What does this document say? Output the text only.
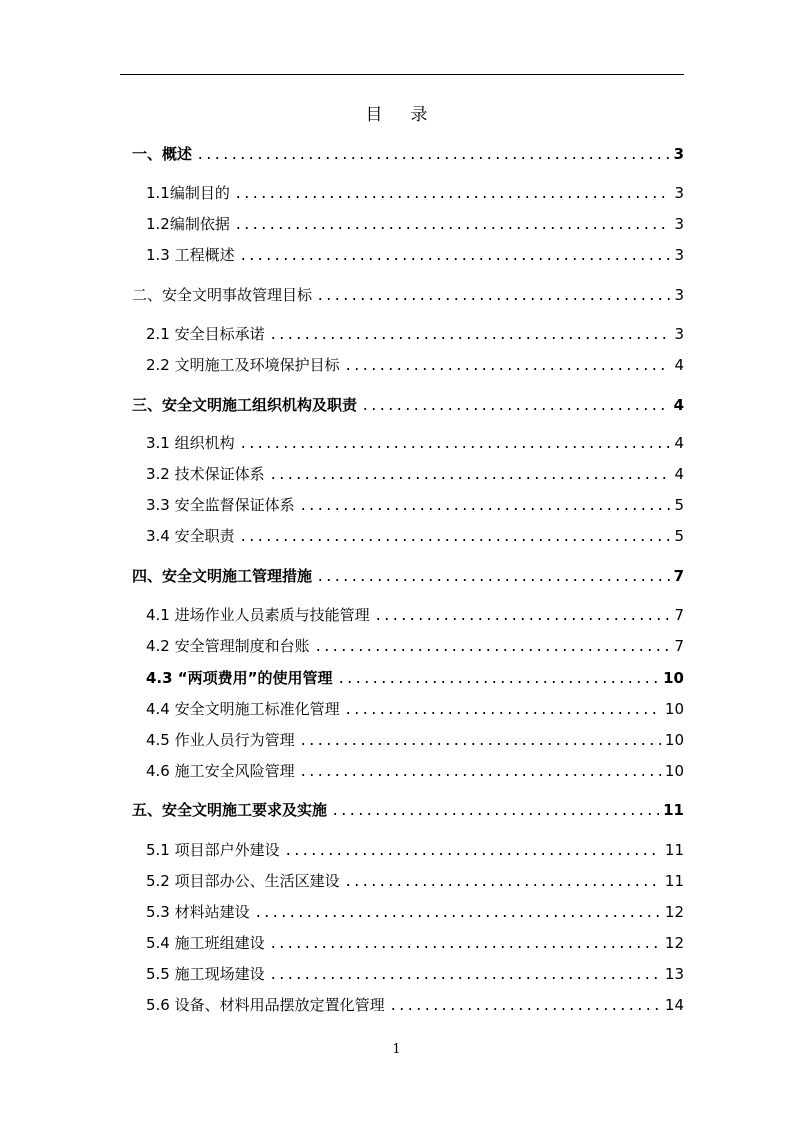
目 录
一、概述	3
1.1编制目的	3
1.2编制依据	3
1.3 工程概述	3
二、安全文明事故管理目标	3
2.1 安全目标承诺	3
2.2 文明施工及环境保护目标	4
三、安全文明施工组织机构及职责	4
3.1 组织机构	4
3.2 技术保证体系	4
3.3 安全监督保证体系	5
3.4 安全职责	5
四、安全文明施工管理措施	7
4.1 进场作业人员素质与技能管理	7
4.2 安全管理制度和台账	7
4.3 “两项费用”的使用管理	10
4.4 安全文明施工标准化管理	10
4.5 作业人员行为管理	10
4.6 施工安全风险管理	10
五、安全文明施工要求及实施	11
5.1 项目部户外建设	11
5.2 项目部办公、生活区建设	11
5.3 材料站建设	12
5.4 施工班组建设	12
5.5 施工现场建设	13
5.6 设备、材料用品摆放定置化管理	14
1
